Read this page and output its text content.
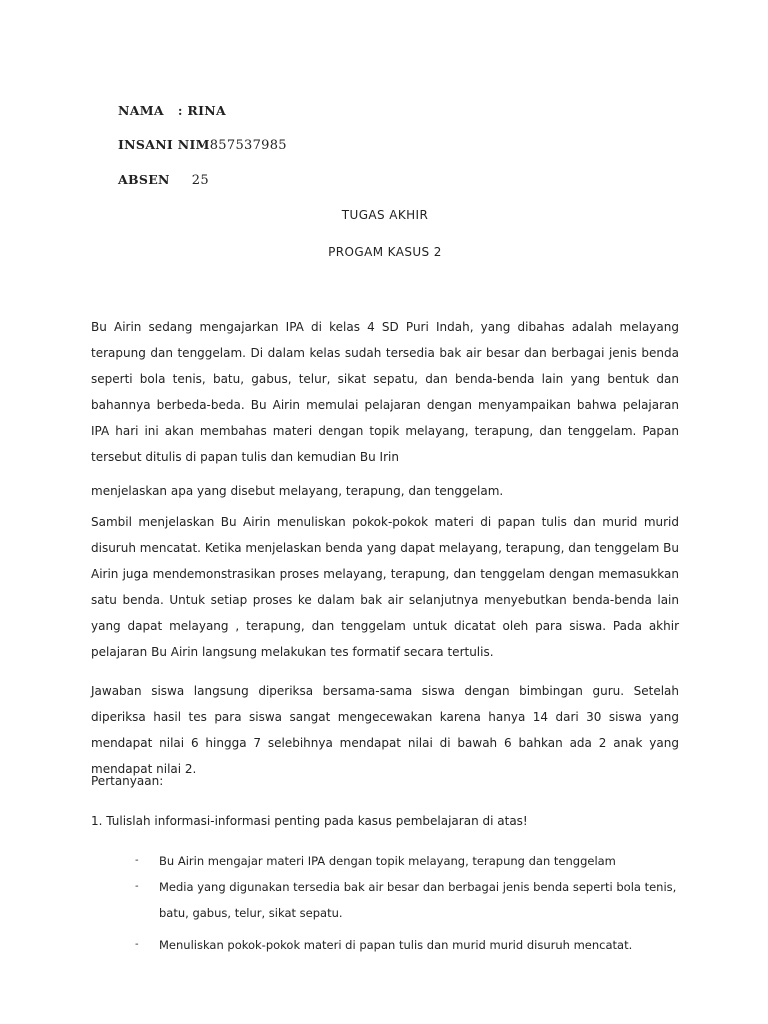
NAMA : RINA
INSANI NIM857537985
ABSEN 25
TUGAS AKHIR
PROGAM KASUS 2

Bu Airin sedang mengajarkan IPA di kelas 4 SD Puri Indah, yang dibahas adalah melayang terapung dan tenggelam. Di dalam kelas sudah tersedia bak air besar dan berbagai jenis benda seperti bola tenis, batu, gabus, telur, sikat sepatu, dan benda-benda lain yang bentuk dan bahannya berbeda-beda. Bu Airin memulai pelajaran dengan menyampaikan bahwa pelajaran IPA hari ini akan membahas materi dengan topik melayang, terapung, dan tenggelam. Papan tersebut ditulis di papan tulis dan kemudian Bu Irin

menjelaskan apa yang disebut melayang, terapung, dan tenggelam.

Sambil menjelaskan Bu Airin menuliskan pokok-pokok materi di papan tulis dan murid murid disuruh mencatat. Ketika menjelaskan benda yang dapat melayang, terapung, dan tenggelam Bu Airin juga mendemonstrasikan proses melayang, terapung, dan tenggelam dengan memasukkan satu benda. Untuk setiap proses ke dalam bak air selanjutnya menyebutkan benda-benda lain yang dapat melayang , terapung, dan tenggelam untuk dicatat oleh para siswa. Pada akhir pelajaran Bu Airin langsung melakukan tes formatif secara tertulis.

Jawaban siswa langsung diperiksa bersama-sama siswa dengan bimbingan guru. Setelah diperiksa hasil tes para siswa sangat mengecewakan karena hanya 14 dari 30 siswa yang mendapat nilai 6 hingga 7 selebihnya mendapat nilai di bawah 6 bahkan ada 2 anak yang mendapat nilai 2.

Pertanyaan:

1. Tulislah informasi-informasi penting pada kasus pembelajaran di atas!

- Bu Airin mengajar materi IPA dengan topik melayang, terapung dan tenggelam

- Media yang digunakan tersedia bak air besar dan berbagai jenis benda seperti bola tenis, batu, gabus, telur, sikat sepatu.

- Menuliskan pokok-pokok materi di papan tulis dan murid murid disuruh mencatat.
